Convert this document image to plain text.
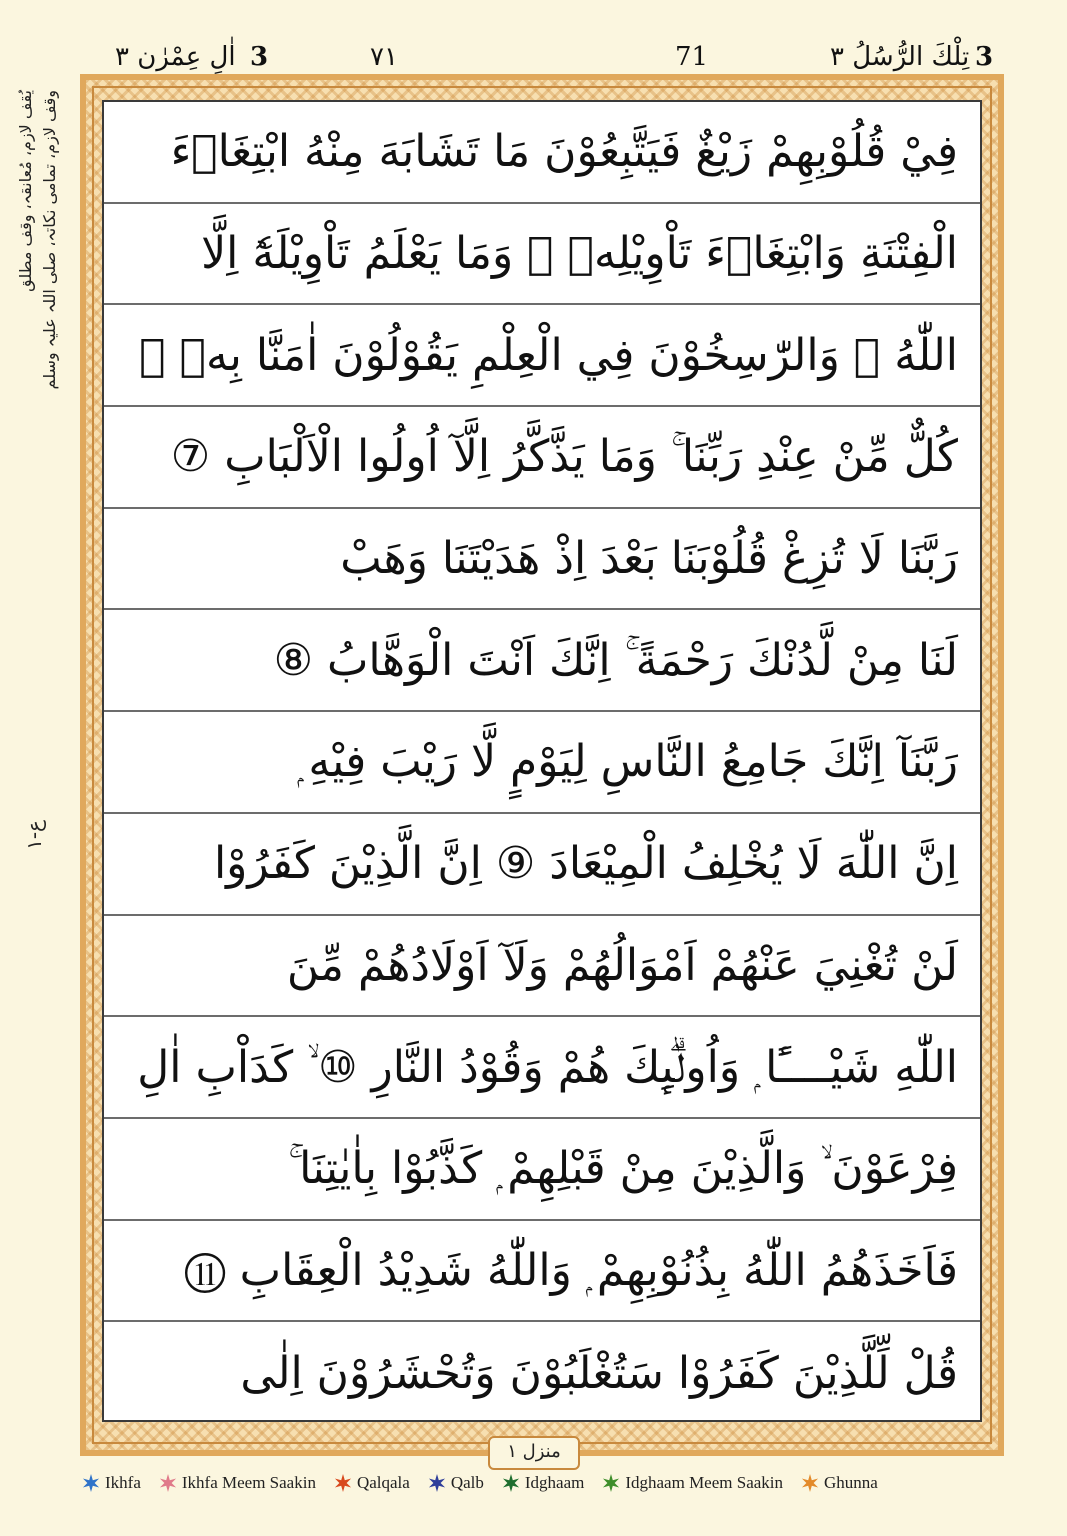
3
تِلْكَ الرُّسُلُ ٣
71
٧١
3
اٰلِ عِمْرٰن ٣
يُقف لازم، مُعانقہ، وقف مطلق وقف لازم، تمامی نکاتہ، صلی اللہ علیہ وسلم
ع-١
فِيْ قُلُوْبِهِمْ زَيْغٌ فَيَتَّبِعُوْنَ مَا تَشَابَهَ مِنْهُ ابْتِغَاۗءَ
الْفِتْنَةِ وَابْتِغَاۗءَ تَاْوِيْلِهٖ ۚ وَمَا يَعْلَمُ تَاْوِيْلَهٗٓ اِلَّا
اللّٰهُ ۘ وَالرّٰسِخُوْنَ فِي الْعِلْمِ يَقُوْلُوْنَ اٰمَنَّا بِهٖ ۙ
كُلٌّ مِّنْ عِنْدِ رَبِّنَا ۚ وَمَا يَذَّكَّرُ اِلَّآ اُولُوا الْاَلْبَابِ ⑦
رَبَّنَا لَا تُزِغْ قُلُوْبَنَا بَعْدَ اِذْ ھَدَيْتَنَا وَھَبْ
لَنَا مِنْ لَّدُنْكَ رَحْمَةً ۚ اِنَّكَ اَنْتَ الْوَھَّابُ ⑧
رَبَّنَآ اِنَّكَ جَامِعُ النَّاسِ لِيَوْمٍ لَّا رَيْبَ فِيْهِ ۭ
اِنَّ اللّٰهَ لَا يُخْلِفُ الْمِيْعَادَ ⑨ اِنَّ الَّذِيْنَ كَفَرُوْا
لَنْ تُغْنِيَ عَنْھُمْ اَمْوَالُھُمْ وَلَآ اَوْلَادُھُمْ مِّنَ
اللّٰهِ شَيْــــًٔا ۭ وَاُولٰۗىِٕكَ ھُمْ وَقُوْدُ النَّارِ ⑩ ۙ كَدَاْبِ اٰلِ
فِرْعَوْنَ ۙ وَالَّذِيْنَ مِنْ قَبْلِهِمْ ۭ كَذَّبُوْا بِاٰيٰتِنَا ۚ
فَاَخَذَھُمُ اللّٰهُ بِذُنُوْبِهِمْ ۭ وَاللّٰهُ شَدِيْدُ الْعِقَابِ ⑪
قُلْ لِّلَّذِيْنَ كَفَرُوْا سَتُغْلَبُوْنَ وَتُحْشَرُوْنَ اِلٰى
منزل ١
Ikhfa Ikhfa Meem Saakin Qalqala Qalb Idghaam Idghaam Meem Saakin Ghunna
